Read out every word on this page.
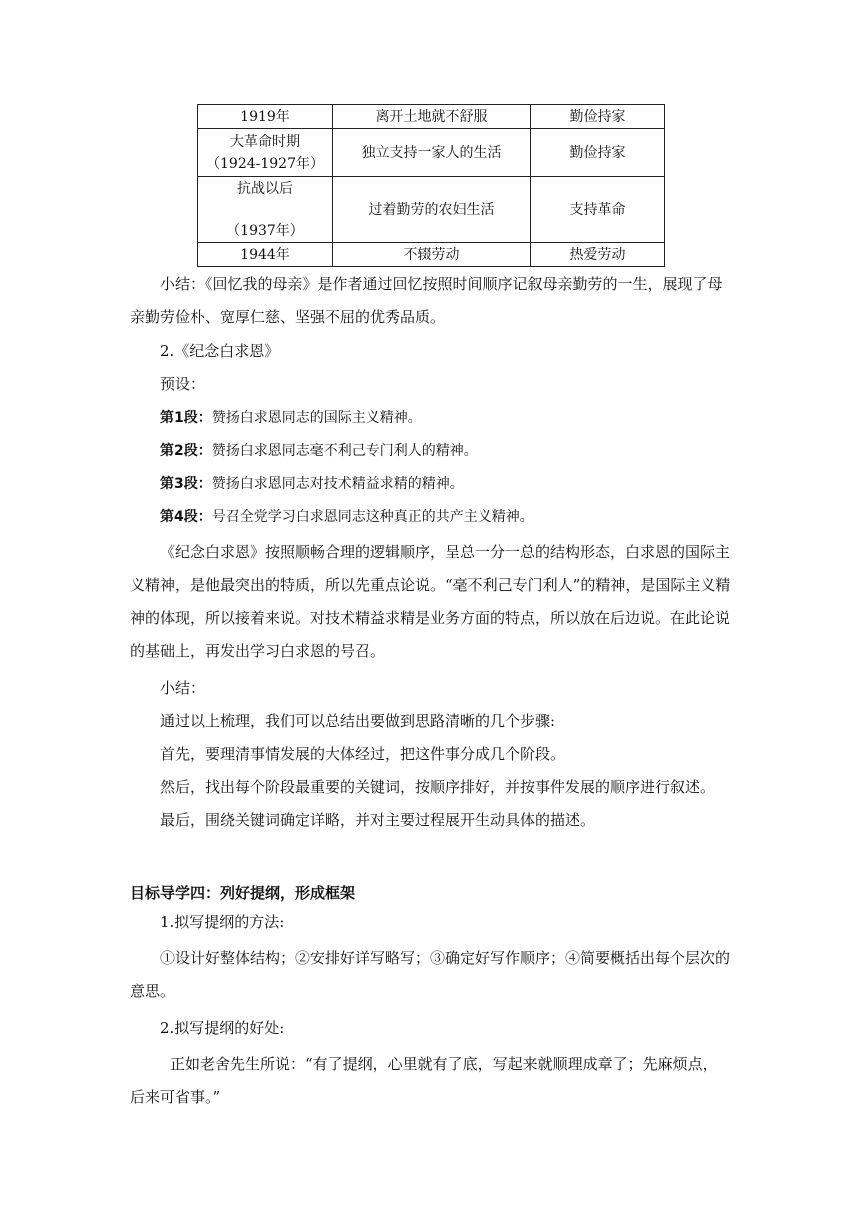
1919年	离开土地就不舒服	勤俭持家

大革命时期
（1924-1927年）	独立支持一家人的生活	勤俭持家

抗战以后
（1937年）	过着勤劳的农妇生活	支持革命
1944年	不辍劳动	热爱劳动

小结：《回忆我的母亲》是作者通过回忆按照时间顺序记叙母亲勤劳的一生，展现了母亲勤劳俭朴、宽厚仁慈、坚强不屈的优秀品质。

2.《纪念白求恩》

预设：

第1段：赞扬白求恩同志的国际主义精神。

第2段：赞扬白求恩同志毫不利己专门利人的精神。

第3段：赞扬白求恩同志对技术精益求精的精神。

第4段：号召全党学习白求恩同志这种真正的共产主义精神。

《纪念白求恩》按照顺畅合理的逻辑顺序，呈总一分一总的结构形态，白求恩的国际主义精神，是他最突出的特质，所以先重点论说。“毫不利己专门利人”的精神，是国际主义精神的体现，所以接着来说。对技术精益求精是业务方面的特点，所以放在后边说。在此论说的基础上，再发出学习白求恩的号召。

小结：

通过以上梳理，我们可以总结出要做到思路清晰的几个步骤:

首先，要理清事情发展的大体经过，把这件事分成几个阶段。

然后，找出每个阶段最重要的关键词，按顺序排好，并按事件发展的顺序进行叙述。

最后，围绕关键词确定详略，并对主要过程展开生动具体的描述。

目标导学四：列好提纲，形成框架

1.拟写提纲的方法:

①设计好整体结构；②安排好详写略写；③确定好写作顺序；④简要概括出每个层次的意思。

2.拟写提纲的好处:

正如老舍先生所说：“有了提纲，心里就有了底，写起来就顺理成章了；先麻烦点，后来可省事。”
